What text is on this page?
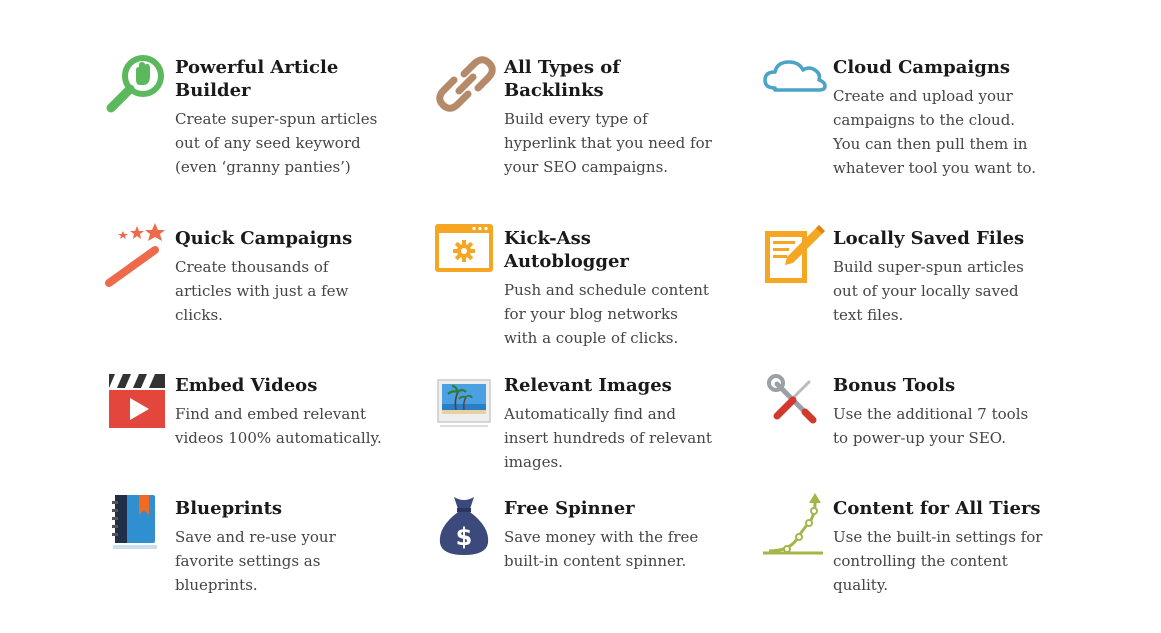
Powerful Article Builder
Create super-spun articles out of any seed keyword (even ‘granny panties’)
All Types of Backlinks
Build every type of hyperlink that you need for your SEO campaigns.
Cloud Campaigns
Create and upload your campaigns to the cloud. You can then pull them in whatever tool you want to.
Quick Campaigns
Create thousands of articles with just a few clicks.
Kick-Ass Autoblogger
Push and schedule content for your blog networks with a couple of clicks.
Locally Saved Files
Build super-spun articles out of your locally saved text files.
Embed Videos
Find and embed relevant videos 100% automatically.
Relevant Images
Automatically find and insert hundreds of relevant images.
Bonus Tools
Use the additional 7 tools to power-up your SEO.
Blueprints
Save and re-use your favorite settings as blueprints.
$
Free Spinner
Save money with the free built-in content spinner.
Content for All Tiers
Use the built-in settings for controlling the content quality.
